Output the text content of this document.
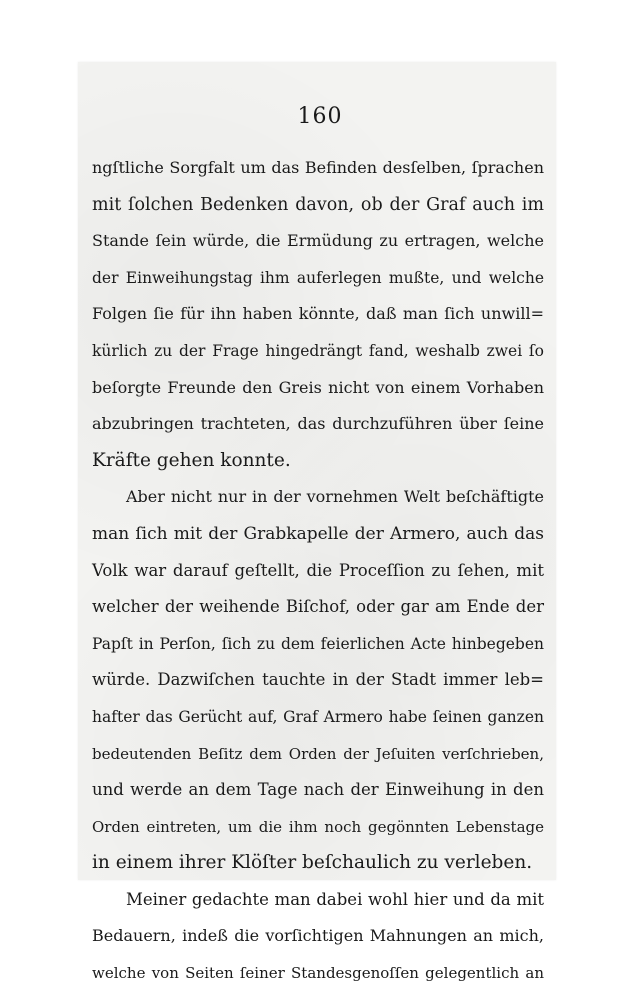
160
ngſtliche Sorgfalt um das Befinden desſelben, ſprachen
mit ſolchen Bedenken davon, ob der Graf auch im
Stande ſein würde, die Ermüdung zu ertragen, welche
der Einweihungstag ihm auferlegen mußte, und welche
Folgen ſie für ihn haben könnte, daß man ſich unwill=
kürlich zu der Frage hingedrängt fand, weshalb zwei ſo
beſorgte Freunde den Greis nicht von einem Vorhaben
abzubringen trachteten, das durchzuführen über ſeine
Kräfte gehen konnte.
Aber nicht nur in der vornehmen Welt beſchäftigte
man ſich mit der Grabkapelle der Armero, auch das
Volk war darauf geſtellt, die Proceſſion zu ſehen, mit
welcher der weihende Biſchof, oder gar am Ende der
Papſt in Perſon, ſich zu dem feierlichen Acte hinbegeben
würde. Dazwiſchen tauchte in der Stadt immer leb=
hafter das Gerücht auf, Graf Armero habe ſeinen ganzen
bedeutenden Beſitz dem Orden der Jeſuiten verſchrieben,
und werde an dem Tage nach der Einweihung in den
Orden eintreten, um die ihm noch gegönnten Lebenstage
in einem ihrer Klöſter beſchaulich zu verleben.
Meiner gedachte man dabei wohl hier und da mit
Bedauern, indeß die vorſichtigen Mahnungen an mich,
welche von Seiten ſeiner Standesgenoſſen gelegentlich an
